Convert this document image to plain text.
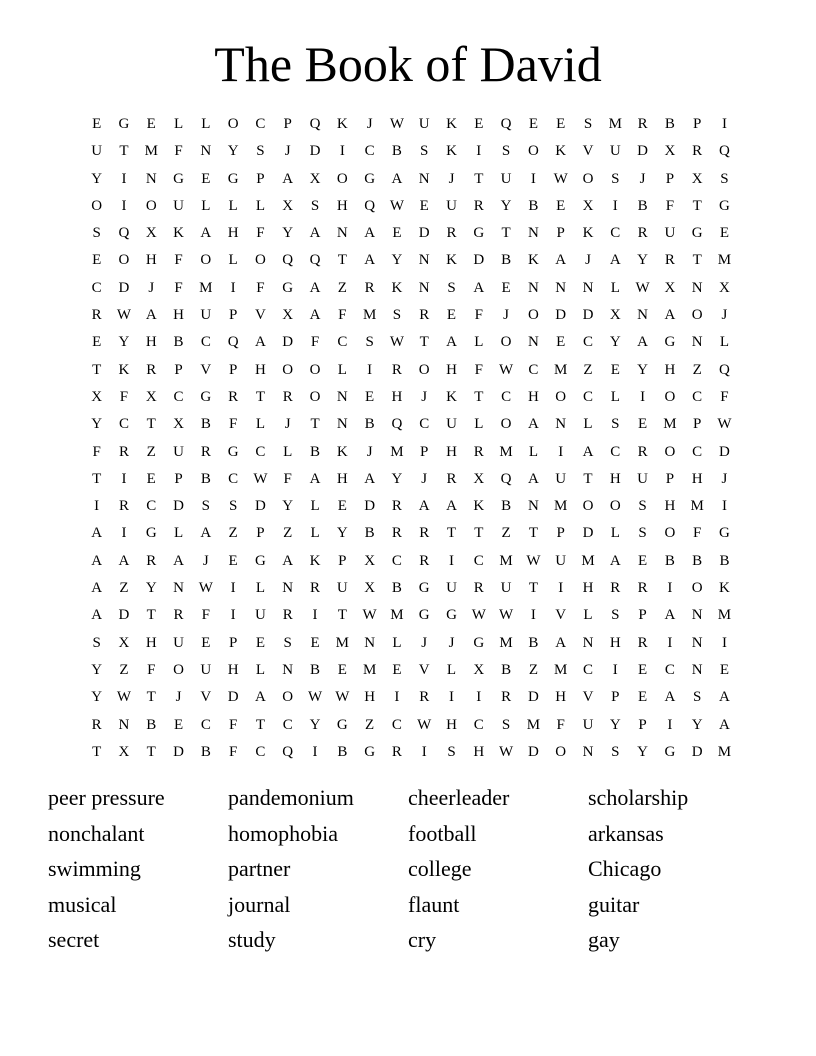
The Book of David
E	G	E	L	L	O	C	P	Q	K	J	W U	K	E	Q	E	E	S	M	R	B	P	I
U	T	M	F	N	Y	S	J	D	I	C	B	S	K	I	S	O	K	V	U	D	X	R	Q
Y	I	N	G	E	G	P	A	X	O	G	A	N	J	T	U	I	W O	S	J	P	X	S
O	I	O	U	L	L	L	X	S	H	Q W	E	U	R	Y	B	E	X	I	B	F	T	G
S	Q	X	K	A	H	F	Y	A	N	A	E	D	R	G	T	N	P	K	C	R	U	G	E
E	O	H	F	O	L	O	Q	Q	T	A	Y	N	K	D	B	K	A	J	A	Y	R	T	M
C	D	J	F	M	I	F	G	A	Z	R	K	N	S	A	E	N	N	N	L	W X	N	X
R	W A	H	U	P	V	X	A	F	M	S	R	E	F	J	O	D	D	X	N	A	O	J
E	Y	H	B	C	Q	A	D	F	C	S	W	T	A	L	O	N	E	C	Y	A	G	N	L
T	K	R	P	V	P	H	O	O	L	I	R	O	H	F	W	C	M	Z	E	Y	H	Z	Q
X	F	X	C	G	R	T	R	O	N	E	H	J	K	T	C	H	O	C	L	I	O	C	F
Y	C	T	X	B	F	L	J	T	N	B	Q	C	U	L	O	A	N	L	S	E	M	P	W
F	R	Z	U	R	G	C	L	B	K	J	M	P	H	R	M	L	I	A	C	R	O	C	D
T	I	E	P	B	C	W	F	A	H	A	Y	J	R	X	Q	A	U	T	H	U	P	H	J
I	R	C	D	S	S	D	Y	L	E	D	R	A	A	K	B	N	M	O	O	S	H	M	I
A	I	G	L	A	Z	P	Z	L	Y	B	R	R	T	T	Z	T	P	D	L	S	O	F	G
A	A	R	A	J	E	G	A	K	P	X	C	R	I	C	M W U	M	A	E	B	B	B
A	Z	Y	N W	I	L	N	R	U	X	B	G	U	R	U	T	I	H	R	R	I	O	K
A	D	T	R	F	I	U	R	I	T	W M	G	G W W	I	V	L	S	P	A	N	M
S	X	H	U	E	P	E	S	E	M	N	L	J	J	G	M	B	A	N	H	R	I	N	I
Y	Z	F	O	U	H	L	N	B	E	M	E	V	L	X	B	Z	M	C	I	E	C	N	E
Y W	T	J	V	D	A	O W W H	I	R	I	I	R	D	H	V	P	E	A	S	A
R	N	B	E	C	F	T	C	Y	G	Z	C	W H	C	S	M	F	U	Y	P	I	Y	A
T	X	T	D	B	F	C	Q	I	B	G	R	I	S	H W D	O	N	S	Y	G	D	M
peer pressure	pandemonium	cheerleader	scholarship
nonchalant	homophobia	football	arkansas
swimming	partner	college	Chicago
musical	journal	flaunt	guitar
secret	study	cry	gay
